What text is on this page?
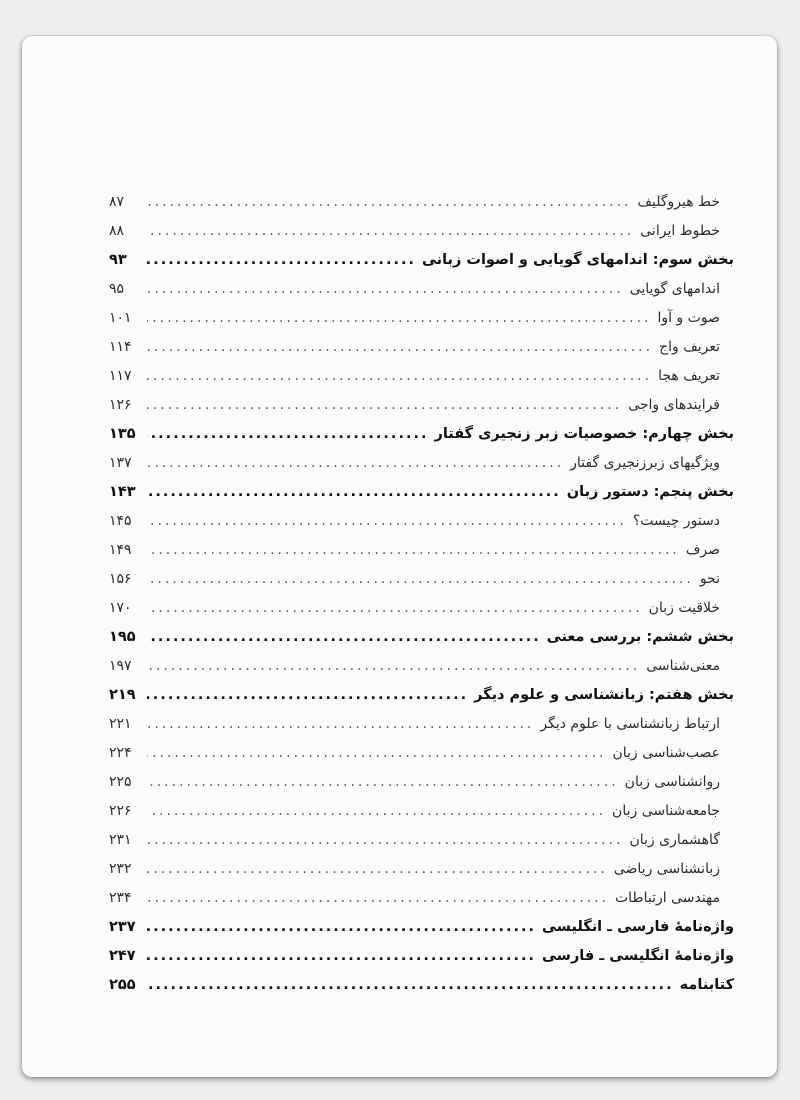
خط هیروگلیف
.....
۸۷
خطوط ایرانی
.....
۸۸
بخش سوم: اندامهای گویایی و اصوات زبانی
.....
۹۳
اندامهای گویایی
.....
۹۵
صوت و آوا
.....
۱۰۱
تعریف واج
.....
۱۱۴
تعریف هجا
.....
۱۱۷
فرایندهای واجی
.....
۱۲۶
بخش چهارم: خصوصیات زبر زنجیری گفتار
.....
۱۳۵
ویژگیهای زبرزنجیری گفتار
.....
۱۳۷
بخش پنجم: دستور زبان
.....
۱۴۳
دستور چیست؟
.....
۱۴۵
صرف
.....
۱۴۹
نحو
.....
۱۵۶
خلاقیت زبان
.....
۱۷۰
بخش ششم: بررسی معنی
.....
۱۹۵
معنی‌شناسی
.....
۱۹۷
بخش هفتم: زبانشناسی و علوم دیگر
.....
۲۱۹
ارتباط زبانشناسی با علوم دیگر
.....
۲۲۱
عصب‌شناسی زبان
.....
۲۲۴
روانشناسی زبان
.....
۲۲۵
جامعه‌شناسی زبان
.....
۲۲۶
گاهشماری زبان
.....
۲۳۱
زبانشناسی ریاضی
.....
۲۳۲
مهندسی ارتباطات
.....
۲۳۴
واژه‌نامهٔ فارسی ـ انگلیسی
.....
۲۳۷
واژه‌نامهٔ انگلیسی ـ فارسی
.....
۲۴۷
کتابنامه
.....
۲۵۵
